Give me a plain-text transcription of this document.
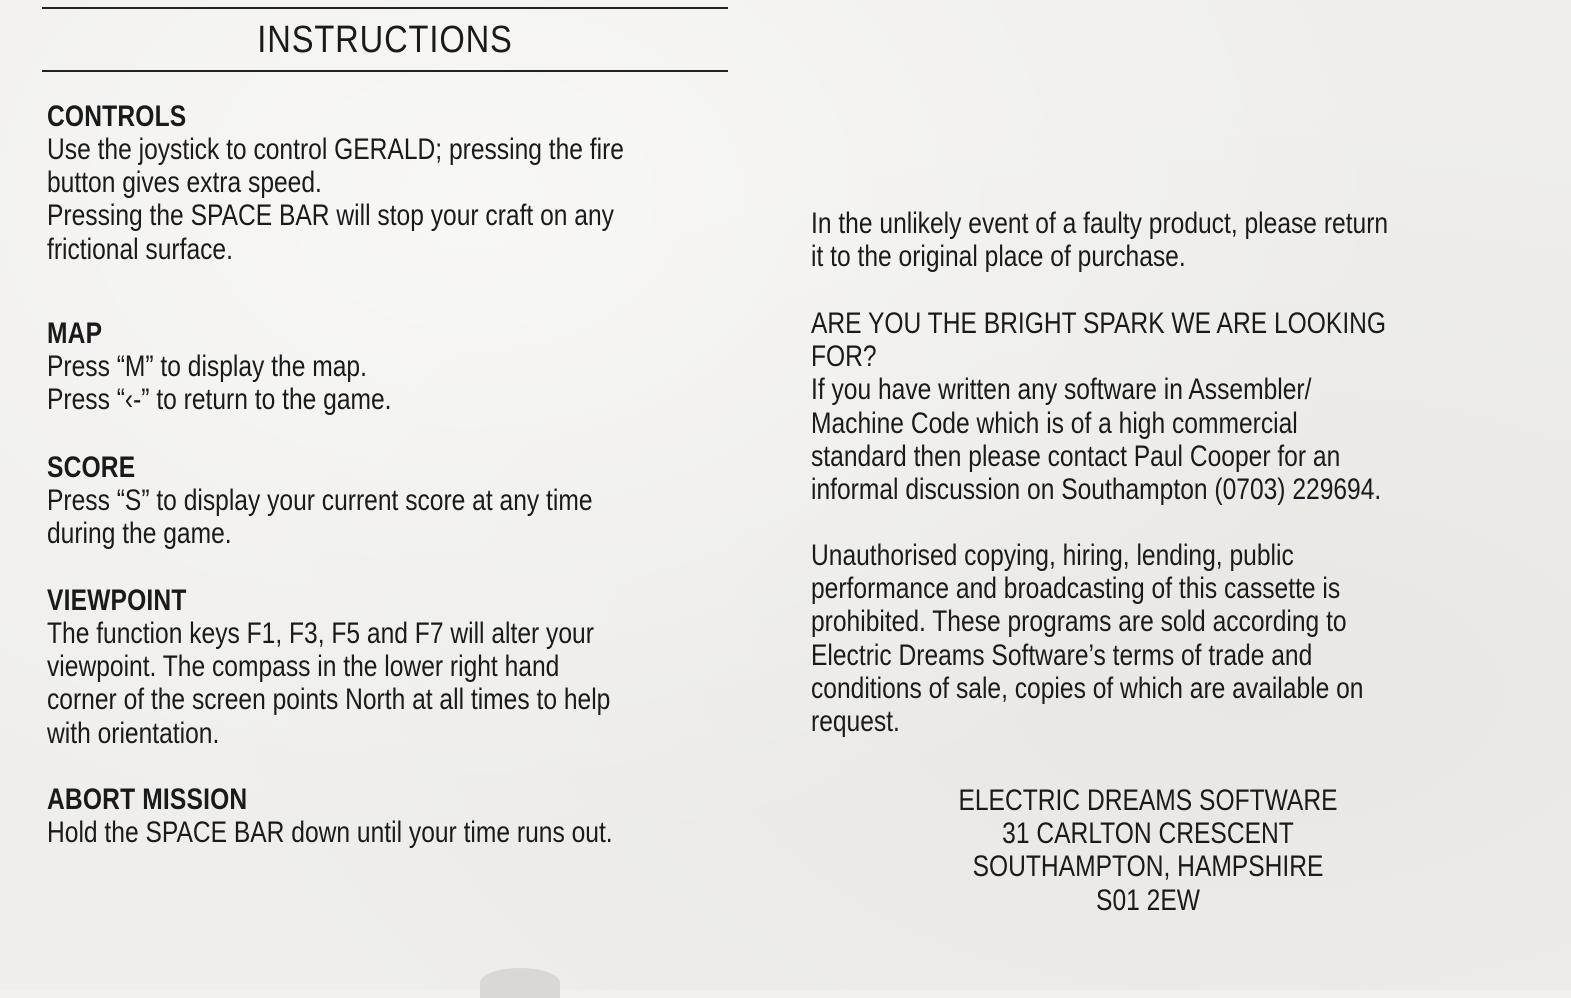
INSTRUCTIONS
CONTROLS
Use the joystick to control GERALD; pressing the fire
button gives extra speed.
Pressing the SPACE BAR will stop your craft on any
frictional surface.
MAP
Press “M” to display the map.
Press “‹-” to return to the game.
SCORE
Press “S” to display your current score at any time
during the game.
VIEWPOINT
The function keys F1, F3, F5 and F7 will alter your
viewpoint. The compass in the lower right hand
corner of the screen points North at all times to help
with orientation.
ABORT MISSION
Hold the SPACE BAR down until your time runs out.
In the unlikely event of a faulty product, please return
it to the original place of purchase.
ARE YOU THE BRIGHT SPARK WE ARE LOOKING
FOR?
If you have written any software in Assembler/
Machine Code which is of a high commercial
standard then please contact Paul Cooper for an
informal discussion on Southampton (0703) 229694.
Unauthorised copying, hiring, lending, public
performance and broadcasting of this cassette is
prohibited. These programs are sold according to
Electric Dreams Software’s terms of trade and
conditions of sale, copies of which are available on
request.
ELECTRIC DREAMS SOFTWARE
31 CARLTON CRESCENT
SOUTHAMPTON, HAMPSHIRE
S01 2EW
